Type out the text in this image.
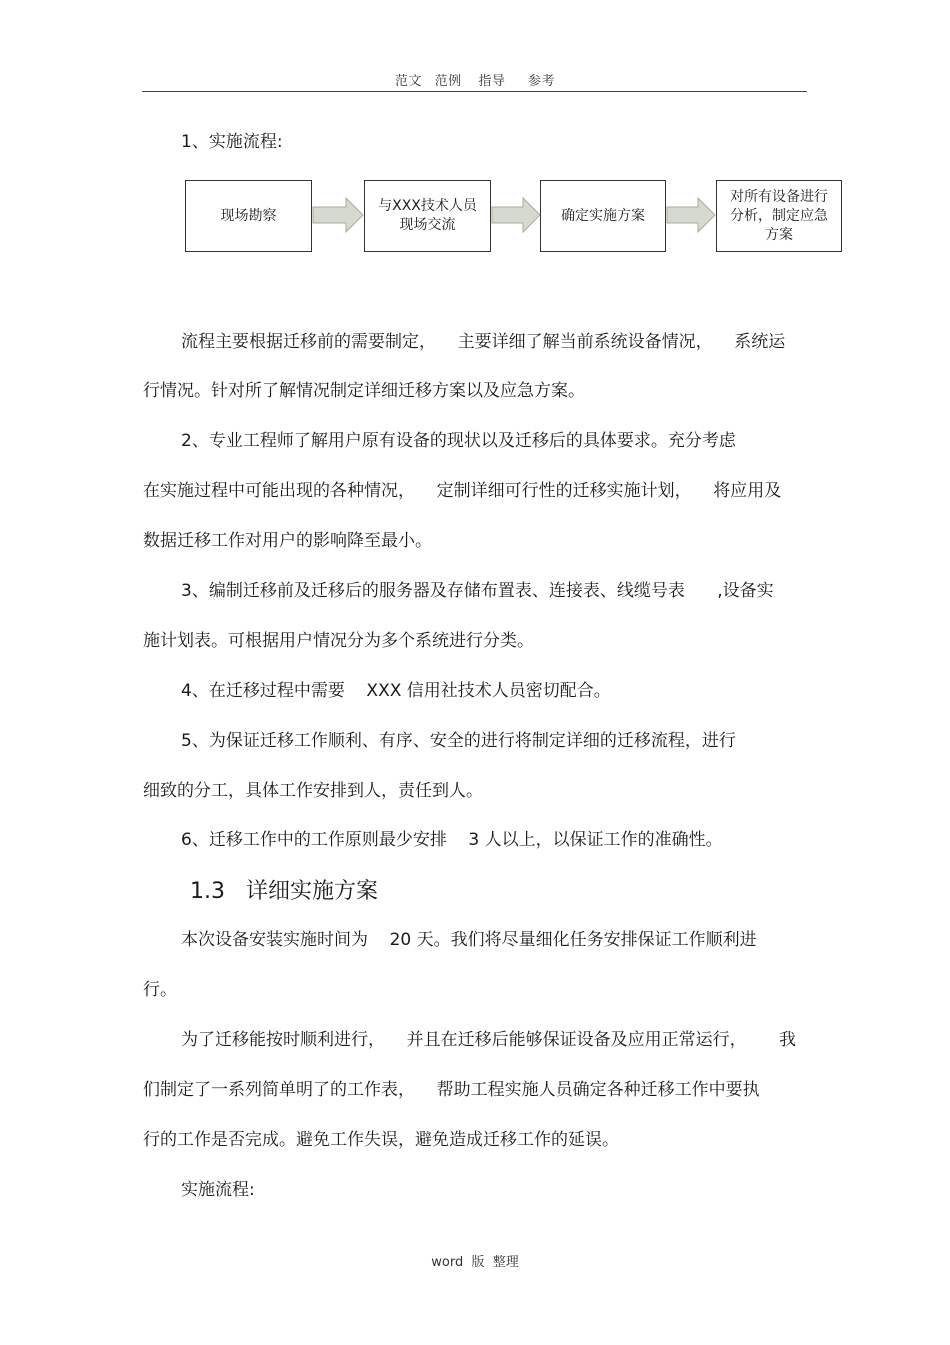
范文 范例 指导 参考
1、实施流程:
现场勘察
与XXX技术人员
现场交流
确定实施方案
对所有设备进行
分析，制定应急
方案
流程主要根据迁移前的需要制定，    主要详细了解当前系统设备情况，    系统运
行情况。针对所了解情况制定详细迁移方案以及应急方案。
2、专业工程师了解用户原有设备的现状以及迁移后的具体要求。充分考虑
在实施过程中可能出现的各种情况，    定制详细可行性的迁移实施计划，    将应用及
数据迁移工作对用户的影响降至最小。
3、编制迁移前及迁移后的服务器及存储布置表、连接表、线缆号表      ,设备实
施计划表。可根据用户情况分为多个系统进行分类。
4、在迁移过程中需要    XXX 信用社技术人员密切配合。
5、为保证迁移工作顺利、有序、安全的进行将制定详细的迁移流程，进行
细致的分工，具体工作安排到人，责任到人。
6、迁移工作中的工作原则最少安排    3 人以上，以保证工作的准确性。
1.3   详细实施方案
本次设备安装实施时间为    20 天。我们将尽量细化任务安排保证工作顺利进
行。
为了迁移能按时顺利进行，    并且在迁移后能够保证设备及应用正常运行，      我
们制定了一系列简单明了的工作表，    帮助工程实施人员确定各种迁移工作中要执
行的工作是否完成。避免工作失误，避免造成迁移工作的延误。
实施流程:
word  版  整理
